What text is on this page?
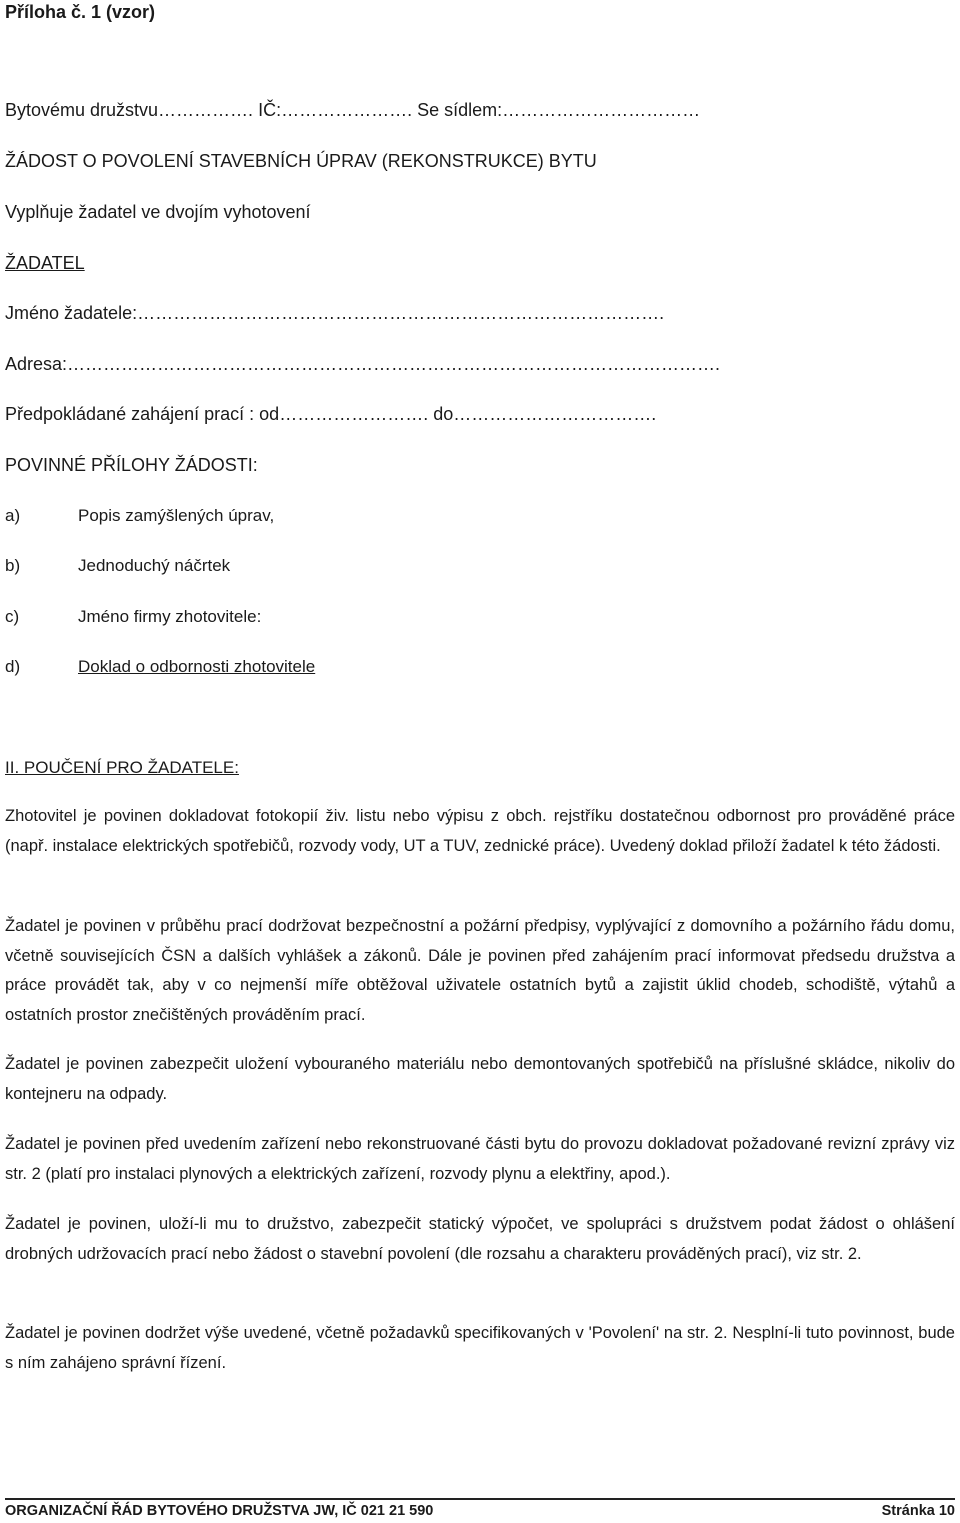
Příloha č. 1 (vzor)
Bytovému družstvu……………. IČ:…………………. Se sídlem:……………………………
ŽÁDOST O POVOLENÍ STAVEBNÍCH ÚPRAV (REKONSTRUKCE) BYTU
Vyplňuje žadatel ve dvojím vyhotovení
ŽADATEL
Jméno žadatele:…………………………………………………………………………….
Adresa:……………………………………………………………………………………………….
Předpokládané zahájení prací : od……………………. do…………………………….
POVINNÉ PŘÍLOHY ŽÁDOSTI:
a)	Popis zamýšlených úprav,
b)	Jednoduchý náčrtek
c)	Jméno firmy zhotovitele:
d)	Doklad o odbornosti zhotovitele
II. POUČENÍ PRO ŽADATELE:

Zhotovitel je povinen dokladovat fotokopií živ. listu nebo výpisu z obch. rejstříku dostatečnou odbornost pro prováděné práce (např. instalace elektrických spotřebičů, rozvody vody, UT a TUV, zednické práce). Uvedený doklad přiloží žadatel k této žádosti.

Žadatel je povinen v průběhu prací dodržovat bezpečnostní a požární předpisy, vyplývající z domovního a požárního řádu domu, včetně souvisejících ČSN a dalších vyhlášek a zákonů. Dále je povinen před zahájením prací informovat předsedu družstva a práce provádět tak, aby v co nejmenší míře obtěžoval uživatele ostatních bytů a zajistit úklid chodeb, schodiště, výtahů a ostatních prostor znečištěných prováděním prací.

Žadatel je povinen zabezpečit uložení vybouraného materiálu nebo demontovaných spotřebičů na příslušné skládce, nikoliv do kontejneru na odpady.

Žadatel je povinen před uvedením zařízení nebo rekonstruované části bytu do provozu dokladovat požadované revizní zprávy viz str. 2 (platí pro instalaci plynových a elektrických zařízení, rozvody plynu a elektřiny, apod.).

Žadatel je povinen, uloží-li mu to družstvo, zabezpečit statický výpočet, ve spolupráci s družstvem podat žádost o ohlášení drobných udržovacích prací nebo žádost o stavební povolení (dle rozsahu a charakteru prováděných prací), viz str. 2.

Žadatel je povinen dodržet výše uvedené, včetně požadavků specifikovaných v 'Povolení' na str. 2. Nesplní-li tuto povinnost, bude s ním zahájeno správní řízení.

ORGANIZAČNÍ ŘÁD BYTOVÉHO DRUŽSTVA JW, IČ 021 21 590	Stránka 10
